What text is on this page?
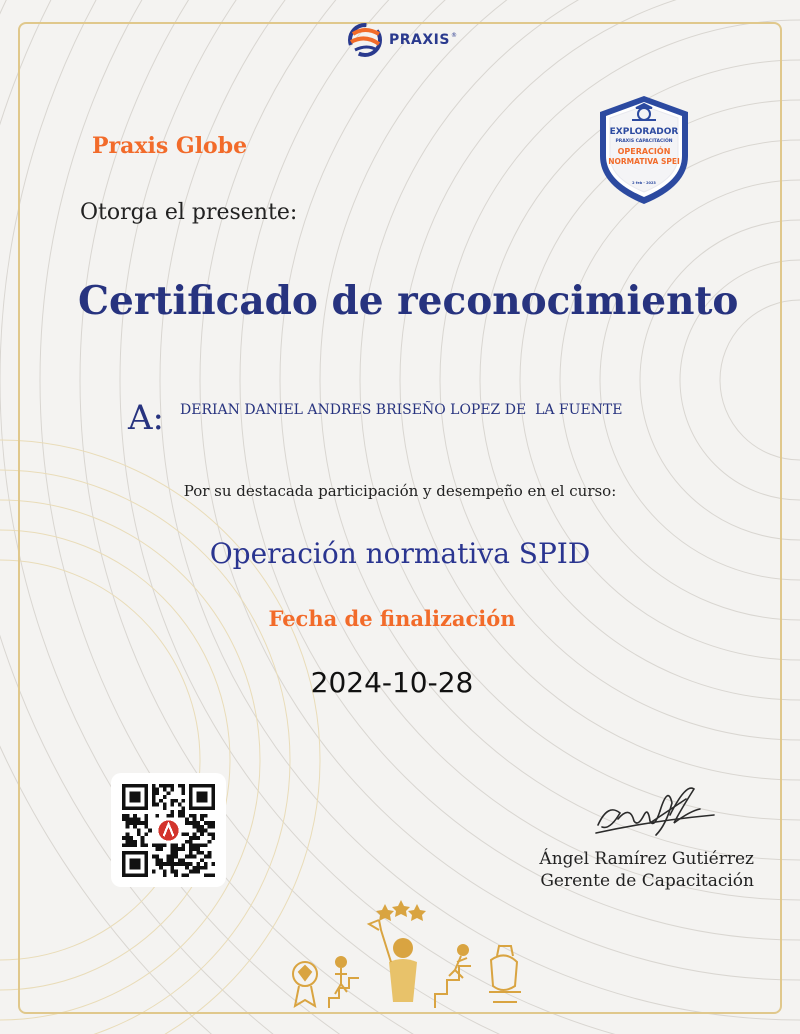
PRAXIS ®
EXPLORADOR
PRAXIS CAPACITACIÓN
OPERACIÓN
NORMATIVA SPEI
2 feb - 2023
Praxis Globe
Otorga el presente:
Certificado de reconocimiento
A: DERIAN DANIEL ANDRES BRISEÑO LOPEZ DE  LA FUENTE
Por su destacada participación y desempeño en el curso:
Operación normativa SPID
Fecha de finalización
2024-10-28
Ángel Ramírez Gutiérrez
Gerente de Capacitación
